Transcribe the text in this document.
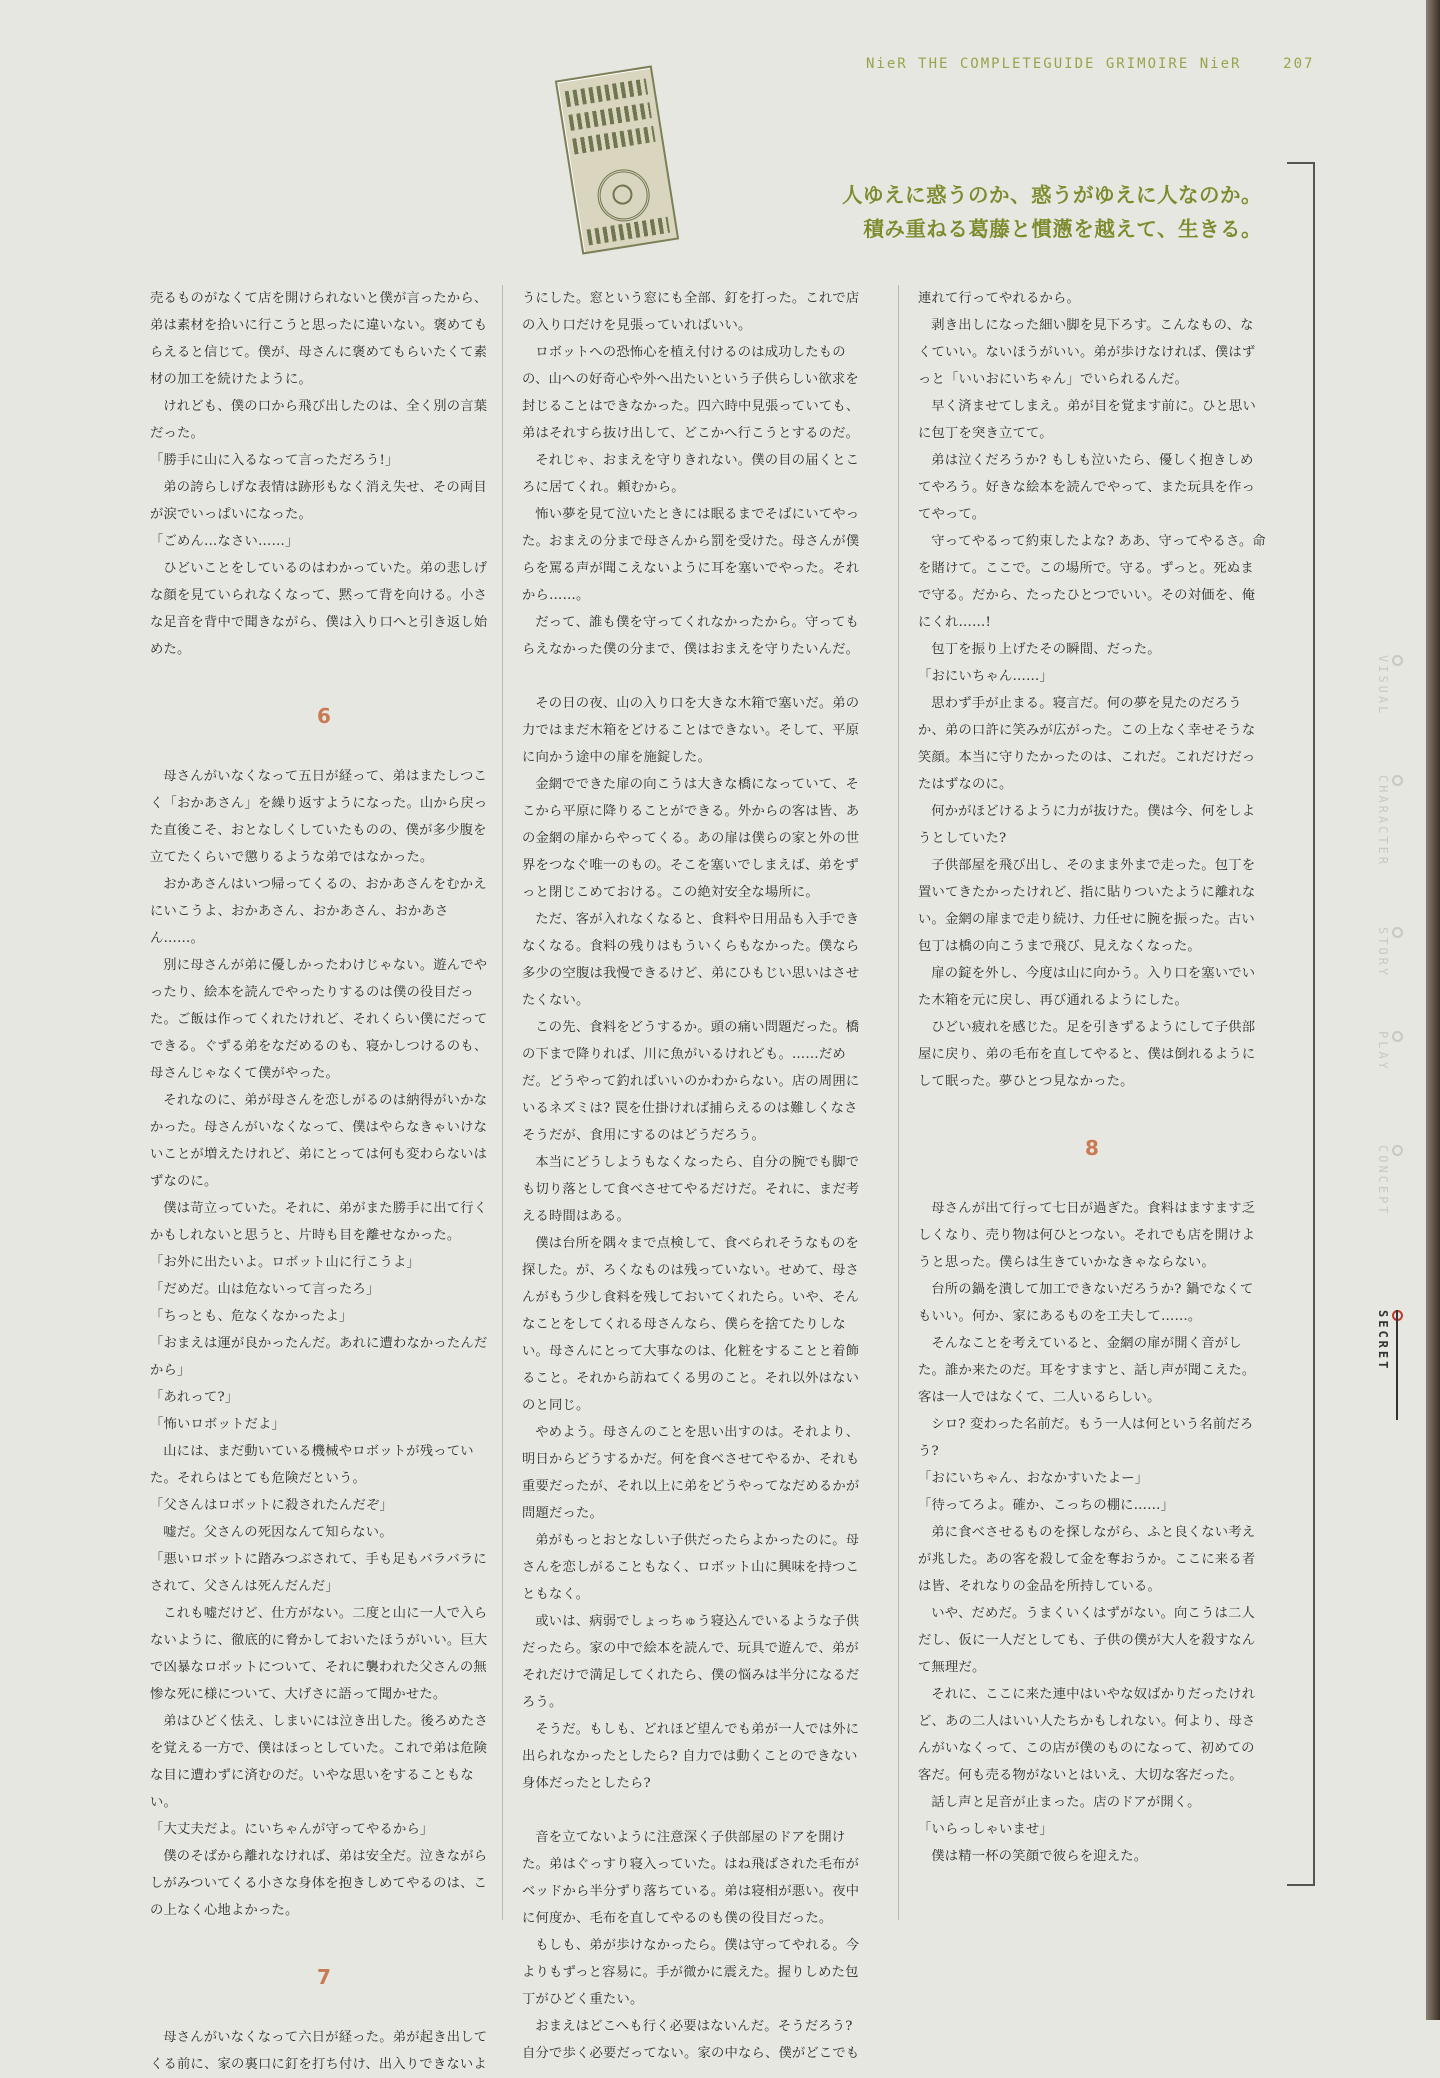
NieR THE COMPLETEGUIDE GRIMOIRE NieR	207
人ゆえに惑うのか、惑うがゆえに人なのか。
積み重ねる葛藤と慣懣を越えて、生きる。

売るものがなくて店を開けられないと僕が言ったから、弟は素材を拾いに行こうと思ったに違いない。褒めてもらえると信じて。僕が、母さんに褒めてもらいたくて素材の加工を続けたように。

けれども、僕の口から飛び出したのは、全く別の言葉だった。

「勝手に山に入るなって言っただろう!」

弟の誇らしげな表情は跡形もなく消え失せ、その両目が涙でいっぱいになった。

「ごめん…なさい……」

ひどいことをしているのはわかっていた。弟の悲しげな顔を見ていられなくなって、黙って背を向ける。小さな足音を背中で聞きながら、僕は入り口へと引き返し始めた。

6

母さんがいなくなって五日が経って、弟はまたしつこく「おかあさん」を繰り返すようになった。山から戻った直後こそ、おとなしくしていたものの、僕が多少腹を立てたくらいで懲りるような弟ではなかった。

おかあさんはいつ帰ってくるの、おかあさんをむかえにいこうよ、おかあさん、おかあさん、おかあさん……。

別に母さんが弟に優しかったわけじゃない。遊んでやったり、絵本を読んでやったりするのは僕の役目だった。ご飯は作ってくれたけれど、それくらい僕にだってできる。ぐずる弟をなだめるのも、寝かしつけるのも、母さんじゃなくて僕がやった。

それなのに、弟が母さんを恋しがるのは納得がいかなかった。母さんがいなくなって、僕はやらなきゃいけないことが増えたけれど、弟にとっては何も変わらないはずなのに。

僕は苛立っていた。それに、弟がまた勝手に出て行くかもしれないと思うと、片時も目を離せなかった。

「お外に出たいよ。ロボット山に行こうよ」

「だめだ。山は危ないって言ったろ」

「ちっとも、危なくなかったよ」

「おまえは運が良かったんだ。あれに遭わなかったんだから」

「あれって?」

「怖いロボットだよ」

山には、まだ動いている機械やロボットが残っていた。それらはとても危険だという。

「父さんはロボットに殺されたんだぞ」

嘘だ。父さんの死因なんて知らない。

「悪いロボットに踏みつぶされて、手も足もバラバラにされて、父さんは死んだんだ」

これも嘘だけど、仕方がない。二度と山に一人で入らないように、徹底的に脅かしておいたほうがいい。巨大で凶暴なロボットについて、それに襲われた父さんの無惨な死に様について、大げさに語って聞かせた。

弟はひどく怯え、しまいには泣き出した。後ろめたさを覚える一方で、僕はほっとしていた。これで弟は危険な目に遭わずに済むのだ。いやな思いをすることもない。

「大丈夫だよ。にいちゃんが守ってやるから」

僕のそばから離れなければ、弟は安全だ。泣きながらしがみついてくる小さな身体を抱きしめてやるのは、この上なく心地よかった。

7

母さんがいなくなって六日が経った。弟が起き出してくる前に、家の裏口に釘を打ち付け、出入りできないよ

うにした。窓という窓にも全部、釘を打った。これで店の入り口だけを見張っていればいい。

ロボットへの恐怖心を植え付けるのは成功したものの、山への好奇心や外へ出たいという子供らしい欲求を封じることはできなかった。四六時中見張っていても、弟はそれすら抜け出して、どこかへ行こうとするのだ。

それじゃ、おまえを守りきれない。僕の目の届くところに居てくれ。頼むから。

怖い夢を見て泣いたときには眠るまでそばにいてやった。おまえの分まで母さんから罰を受けた。母さんが僕らを罵る声が聞こえないように耳を塞いでやった。それから……。

だって、誰も僕を守ってくれなかったから。守ってもらえなかった僕の分まで、僕はおまえを守りたいんだ。

その日の夜、山の入り口を大きな木箱で塞いだ。弟の力ではまだ木箱をどけることはできない。そして、平原に向かう途中の扉を施錠した。

金網でできた扉の向こうは大きな橋になっていて、そこから平原に降りることができる。外からの客は皆、あの金網の扉からやってくる。あの扉は僕らの家と外の世界をつなぐ唯一のもの。そこを塞いでしまえば、弟をずっと閉じこめておける。この絶対安全な場所に。

ただ、客が入れなくなると、食料や日用品も入手できなくなる。食料の残りはもういくらもなかった。僕なら多少の空腹は我慢できるけど、弟にひもじい思いはさせたくない。

この先、食料をどうするか。頭の痛い問題だった。橋の下まで降りれば、川に魚がいるけれども。……だめだ。どうやって釣ればいいのかわからない。店の周囲にいるネズミは? 罠を仕掛ければ捕らえるのは難しくなさそうだが、食用にするのはどうだろう。

本当にどうしようもなくなったら、自分の腕でも脚でも切り落として食べさせてやるだけだ。それに、まだ考える時間はある。

僕は台所を隅々まで点検して、食べられそうなものを探した。が、ろくなものは残っていない。せめて、母さんがもう少し食料を残しておいてくれたら。いや、そんなことをしてくれる母さんなら、僕らを捨てたりしない。母さんにとって大事なのは、化粧をすることと着飾ること。それから訪ねてくる男のこと。それ以外はないのと同じ。

やめよう。母さんのことを思い出すのは。それより、明日からどうするかだ。何を食べさせてやるか、それも重要だったが、それ以上に弟をどうやってなだめるかが問題だった。

弟がもっとおとなしい子供だったらよかったのに。母さんを恋しがることもなく、ロボット山に興味を持つこともなく。

或いは、病弱でしょっちゅう寝込んでいるような子供だったら。家の中で絵本を読んで、玩具で遊んで、弟がそれだけで満足してくれたら、僕の悩みは半分になるだろう。

そうだ。もしも、どれほど望んでも弟が一人では外に出られなかったとしたら? 自力では動くことのできない身体だったとしたら?

音を立てないように注意深く子供部屋のドアを開けた。弟はぐっすり寝入っていた。はね飛ばされた毛布がベッドから半分ずり落ちている。弟は寝相が悪い。夜中に何度か、毛布を直してやるのも僕の役目だった。

もしも、弟が歩けなかったら。僕は守ってやれる。今よりもずっと容易に。手が微かに震えた。握りしめた包丁がひどく重たい。

おまえはどこへも行く必要はないんだ。そうだろう? 自分で歩く必要だってない。家の中なら、僕がどこでも

連れて行ってやれるから。

剥き出しになった細い脚を見下ろす。こんなもの、なくていい。ないほうがいい。弟が歩けなければ、僕はずっと「いいおにいちゃん」でいられるんだ。

早く済ませてしまえ。弟が目を覚ます前に。ひと思いに包丁を突き立てて。

弟は泣くだろうか? もしも泣いたら、優しく抱きしめてやろう。好きな絵本を読んでやって、また玩具を作ってやって。

守ってやるって約束したよな? ああ、守ってやるさ。命を賭けて。ここで。この場所で。守る。ずっと。死ぬまで守る。だから、たったひとつでいい。その対価を、俺にくれ……!

包丁を振り上げたその瞬間、だった。

「おにいちゃん……」

思わず手が止まる。寝言だ。何の夢を見たのだろうか、弟の口許に笑みが広がった。この上なく幸せそうな笑顔。本当に守りたかったのは、これだ。これだけだったはずなのに。

何かがほどけるように力が抜けた。僕は今、何をしようとしていた?

子供部屋を飛び出し、そのまま外まで走った。包丁を置いてきたかったけれど、指に貼りついたように離れない。金網の扉まで走り続け、力任せに腕を振った。古い包丁は橋の向こうまで飛び、見えなくなった。

扉の錠を外し、今度は山に向かう。入り口を塞いでいた木箱を元に戻し、再び通れるようにした。

ひどい疲れを感じた。足を引きずるようにして子供部屋に戻り、弟の毛布を直してやると、僕は倒れるようにして眠った。夢ひとつ見なかった。

8

母さんが出て行って七日が過ぎた。食料はますます乏しくなり、売り物は何ひとつない。それでも店を開けようと思った。僕らは生きていかなきゃならない。

台所の鍋を潰して加工できないだろうか? 鍋でなくてもいい。何か、家にあるものを工夫して……。

そんなことを考えていると、金網の扉が開く音がした。誰か来たのだ。耳をすますと、話し声が聞こえた。客は一人ではなくて、二人いるらしい。

シロ? 変わった名前だ。もう一人は何という名前だろう?

「おにいちゃん、おなかすいたよー」

「待ってろよ。確か、こっちの棚に……」

弟に食べさせるものを探しながら、ふと良くない考えが兆した。あの客を殺して金を奪おうか。ここに来る者は皆、それなりの金品を所持している。

いや、だめだ。うまくいくはずがない。向こうは二人だし、仮に一人だとしても、子供の僕が大人を殺すなんて無理だ。

それに、ここに来た連中はいやな奴ばかりだったけれど、あの二人はいい人たちかもしれない。何より、母さんがいなくって、この店が僕のものになって、初めての客だ。何も売る物がないとはいえ、大切な客だった。

話し声と足音が止まった。店のドアが開く。

「いらっしゃいませ」

僕は精一杯の笑顔で彼らを迎えた。

VISUAL
CHARACTER
STORY
PLAY
CONCEPT
SECRET
